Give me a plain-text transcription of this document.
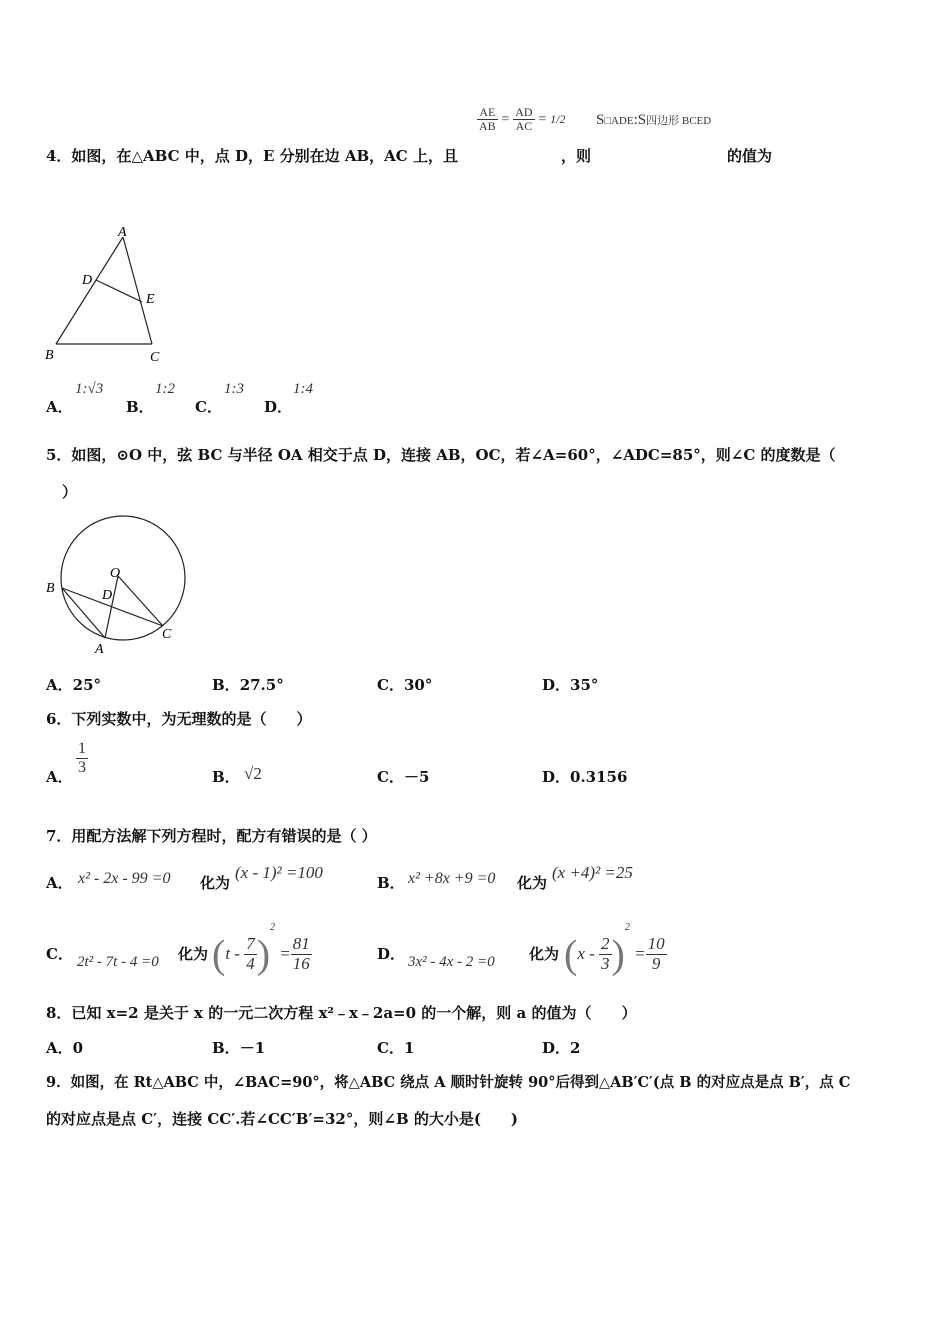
$\frac{AE}{AB} = \frac{AD}{AC} = 1/2$ S□ADE:S四边形 BCED
4．如图，在△ABC 中，点 D，E 分别在边 AB，AC 上，且	，则	的值为
A
D
E
B	C
A．
1:√3
B．
1:2
C．
1:3
D．
1:4
5．如图，⊙O 中，弦 BC 与半径 OA 相交于点 D，连接 AB，OC，若∠A=60°，∠ADC=85°，则∠C 的度数是（
）
O
B	D
C
A
A．25°	B．27.5°	C．30°	D．35°
6．下列实数中，为无理数的是（　　）
A．
$\frac{1}{3}$
B． √2	C．－5	D．0.3156
7．用配方法解下列方程时，配方有错误的是（ ）
A． x² - 2x - 99 =0 化为
(x - 1)² =100
B． x² +8x +9 =0 化为
(x +4)² =25
C． 2t² - 7t - 4 =0 化为 $(t - \frac{7}{4} )^2 = \frac{81}{16}$	D． 3x² - 4x - 2 =0 化为 $(x - \frac{2}{3} )^2 = \frac{10}{9}$
8．已知 x=2 是关于 x 的一元二次方程 x²﹣x﹣2a=0 的一个解，则 a 的值为（　　）
A．0	B．－1	C．1	D．2
9．如图，在 Rt△ABC 中，∠BAC=90°，将△ABC 绕点 A 顺时针旋转 90°后得到△AB′C′(点 B 的对应点是点 B′，点 C
的对应点是点 C′，连接 CC′.若∠CC′B′=32°，则∠B 的大小是(　　)
